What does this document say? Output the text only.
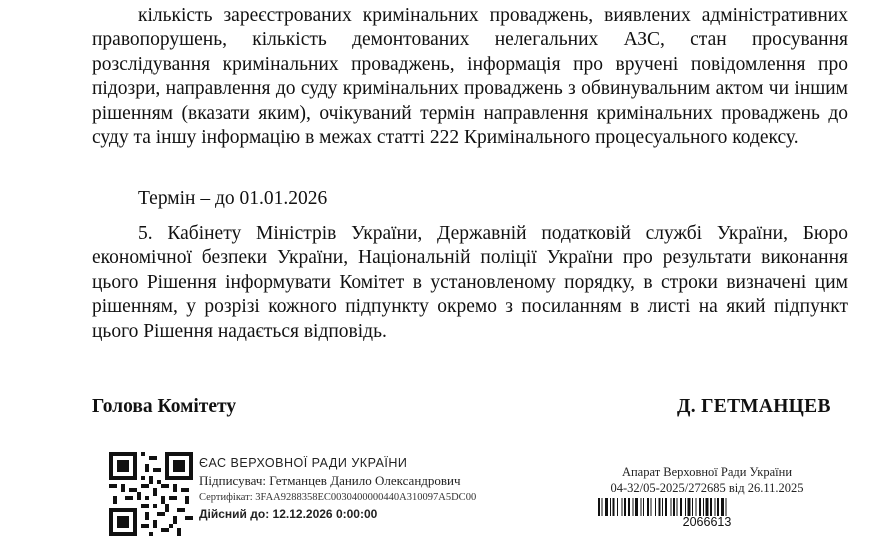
кількість зареєстрованих кримінальних проваджень, виявлених адміністративних правопорушень, кількість демонтованих нелегальних АЗС, стан просування розслідування кримінальних проваджень, інформація про вручені повідомлення про підозри, направлення до суду кримінальних проваджень з обвинувальним актом чи іншим рішенням (вказати яким), очікуваний термін направлення кримінальних проваджень до суду та іншу інформацію в межах статті 222 Кримінального процесуального кодексу.
Термін – до 01.01.2026
5. Кабінету Міністрів України, Державній податковій службі України, Бюро економічної безпеки України, Національній поліції України про результати виконання цього Рішення інформувати Комітет в установленому порядку, в строки визначені цим рішенням, у розрізі кожного підпункту окремо з посиланням в листі на який підпункт цього Рішення надається відповідь.
Голова Комітету	Д. ГЕТМАНЦЕВ
ЄАС ВЕРХОВНОЇ РАДИ УКРАЇНИ
Підписувач: Гетманцев Данило Олександрович
Сертифікат: 3FAA9288358EC0030400000440A310097A5DC00
Дійсний до: 12.12.2026 0:00:00
Апарат Верховної Ради України
04-32/05-2025/272685 від 26.11.2025
2066613
